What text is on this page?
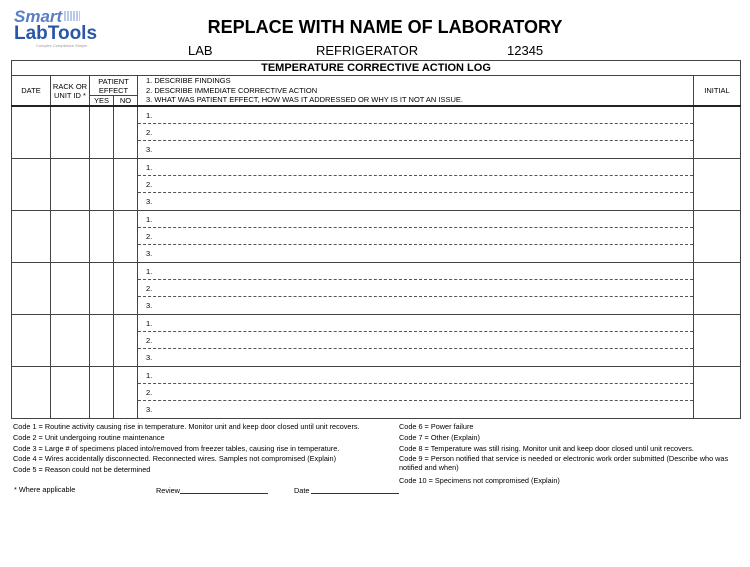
Smart
LabTools
Complex Compliance Simple
REPLACE WITH NAME OF LABORATORY
LAB	REFRIGERATOR	12345
TEMPERATURE CORRECTIVE ACTION LOG					
DATE	RACK OR UNIT ID *	PATIENT EFFECT		1. DESCRIBE FINDINGS
2. DESCRIBE IMMEDIATE CORRECTIVE ACTION
3. WHAT WAS PATIENT EFFECT, HOW WAS IT ADDRESSED OR WHY IS IT NOT AN ISSUE.	INITIAL
		YES	NO		

				1.
2.
3.	

				1.
2.
3.	

				1.
2.
3.	

				1.
2.
3.	

				1.
2.
3.	

				1.
2.
3.	

Code 1 = Routine activity causing rise in temperature. Monitor unit and keep door closed until unit recovers.
Code 2 = Unit undergoing routine maintenance
Code 3 = Large # of specimens placed into/removed from freezer tables, causing rise in temperature.
Code 4 = Wires accidentally disconnected. Reconnected wires. Samples not compromised (Explain)
Code 5 = Reason could not be determined
Code 6 = Power failure
Code 7 = Other (Explain)
Code 8 = Temperature was still rising. Monitor unit and keep door closed until unit recovers.
Code 9 = Person notified that service is needed or electronic work order submitted (Describe who was notified and when)
Code 10 = Specimens not compromised (Explain)
* Where applicable	Review	Date
